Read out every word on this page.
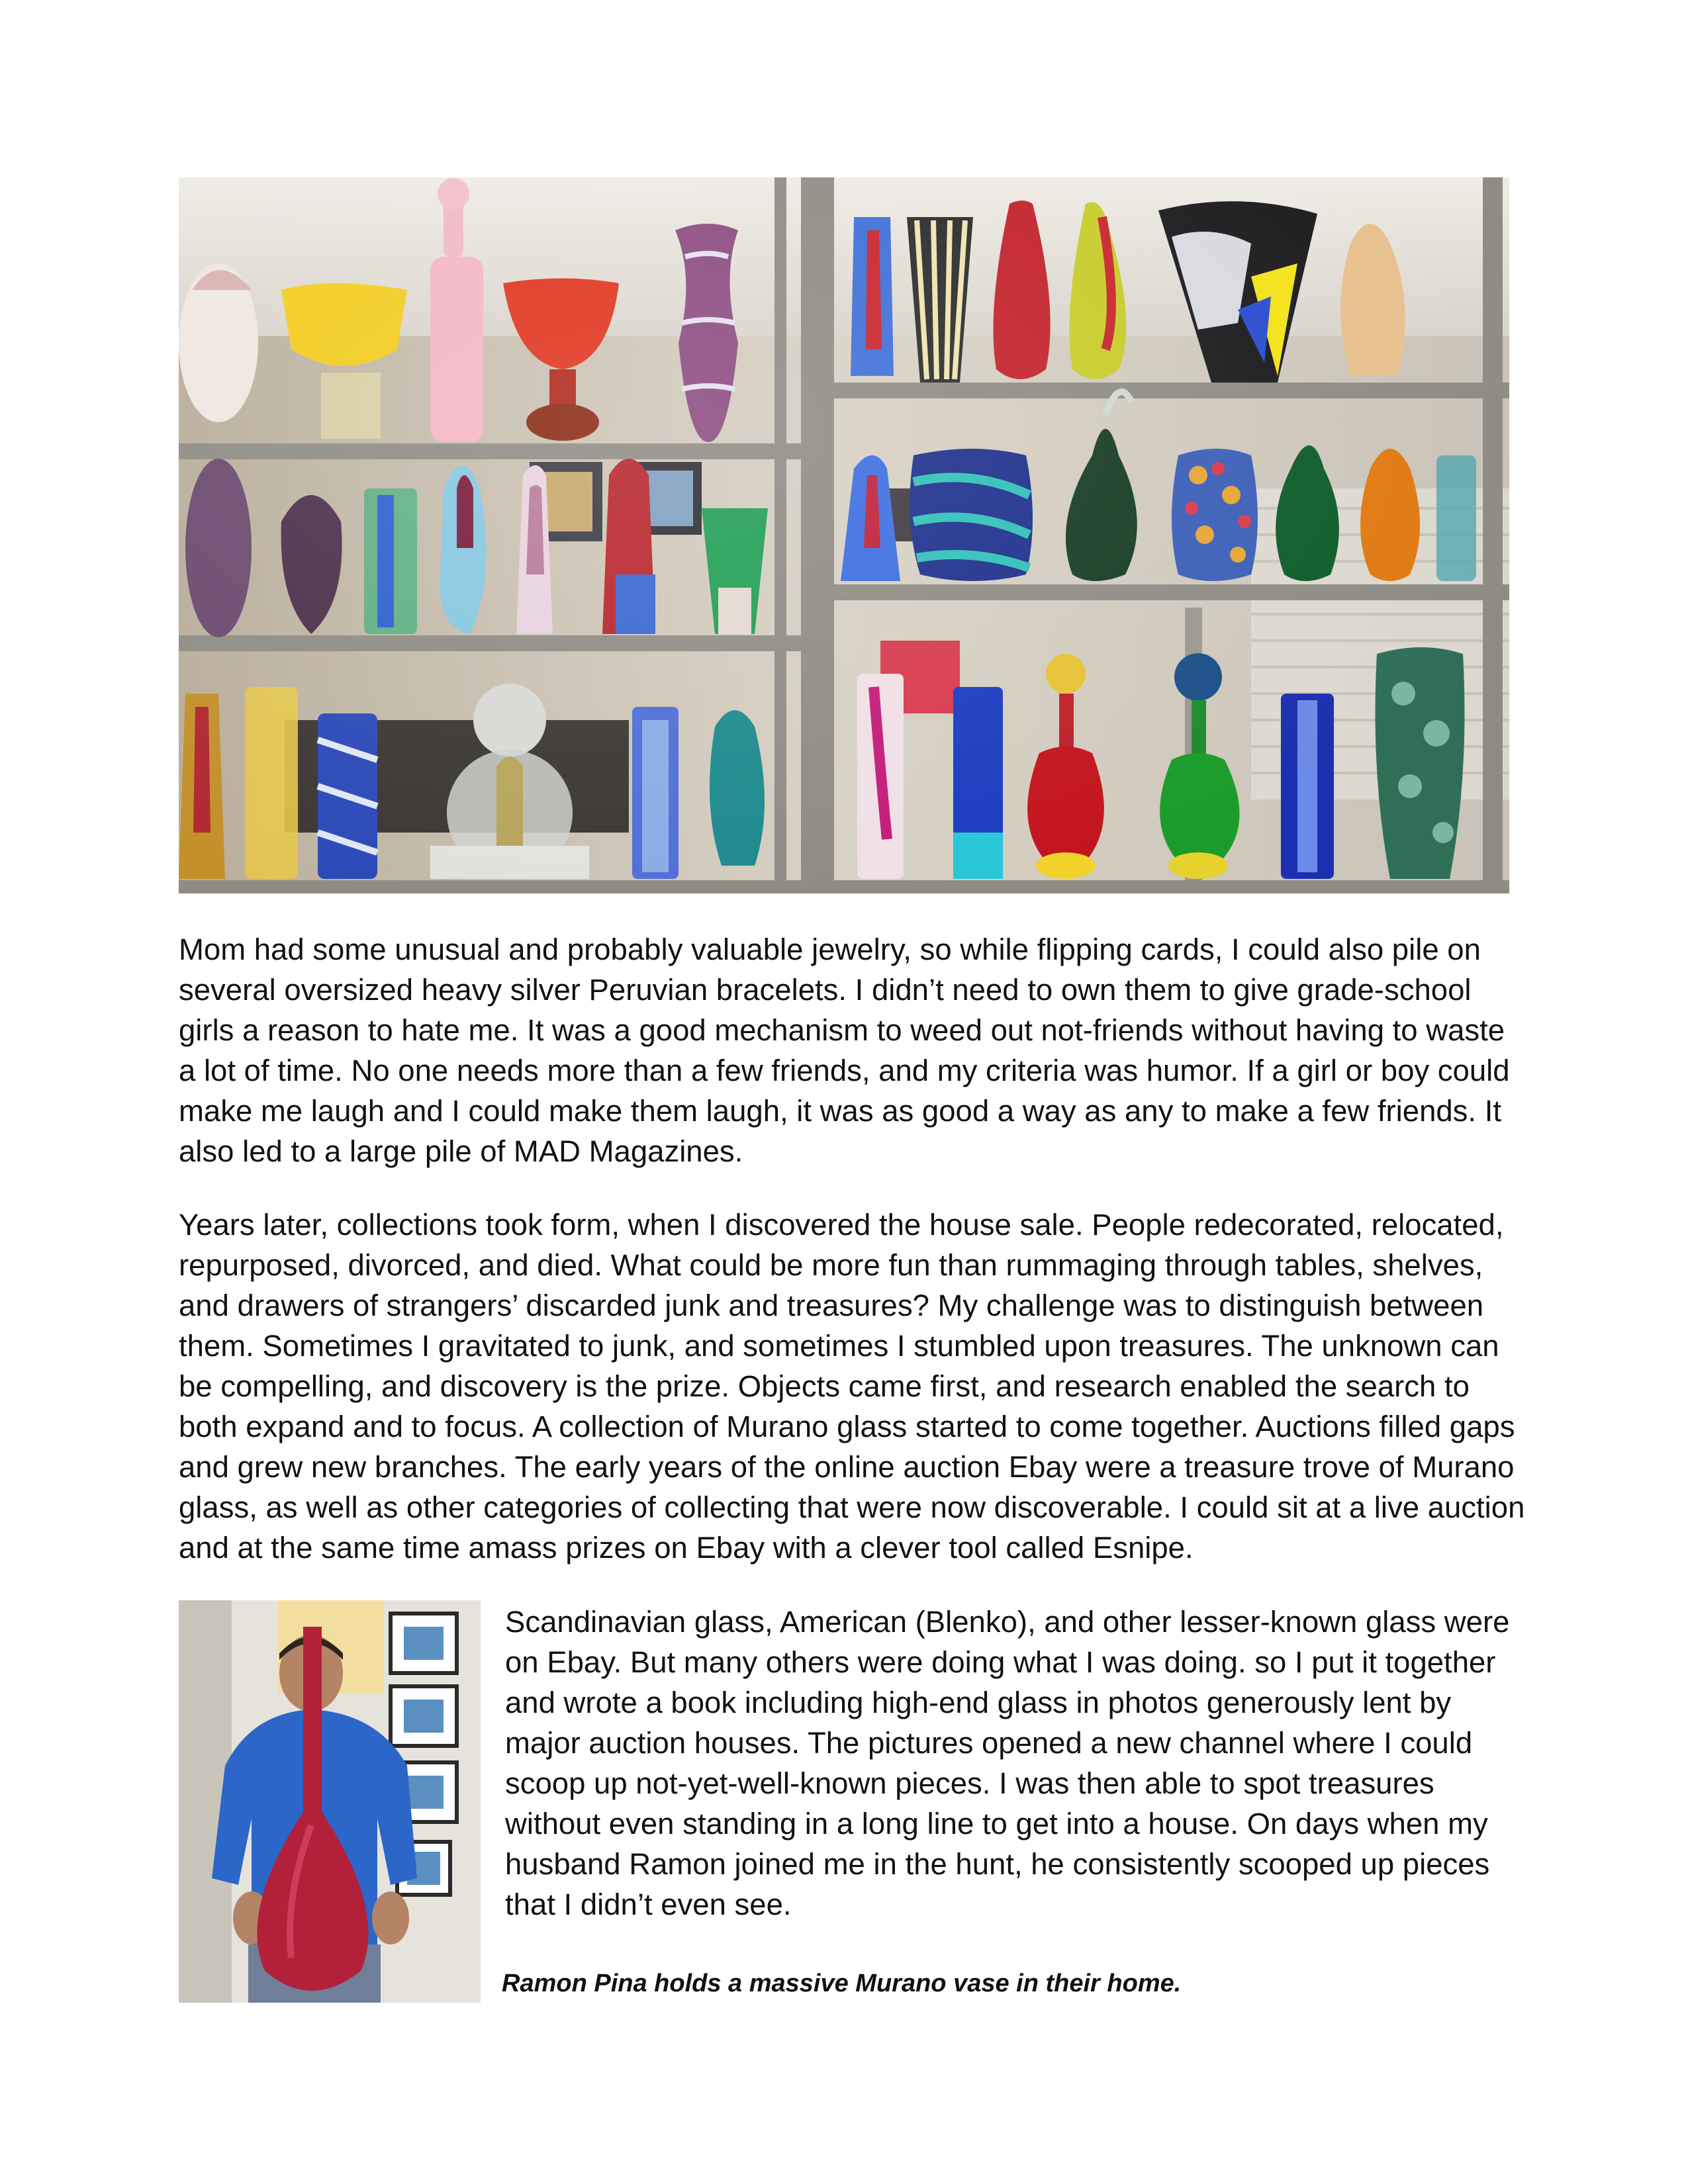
Mom had some unusual and probably valuable jewelry, so while flipping cards, I could also pile on several oversized heavy silver Peruvian bracelets. I didn’t need to own them to give grade-school girls a reason to hate me. It was a good mechanism to weed out not-friends without having to waste a lot of time. No one needs more than a few friends, and my criteria was humor. If a girl or boy could make me laugh and I could make them laugh, it was as good a way as any to make a few friends. It also led to a large pile of MAD Magazines.

Years later, collections took form, when I discovered the house sale. People redecorated, relocated, repurposed, divorced, and died. What could be more fun than rummaging through tables, shelves, and drawers of strangers’ discarded junk and treasures? My challenge was to distinguish between them. Sometimes I gravitated to junk, and sometimes I stumbled upon treasures. The unknown can be compelling, and discovery is the prize. Objects came first, and research enabled the search to both expand and to focus. A collection of Murano glass started to come together. Auctions filled gaps and grew new branches. The early years of the online auction Ebay were a treasure trove of Murano glass, as well as other categories of collecting that were now discoverable. I could sit at a live auction and at the same time amass prizes on Ebay with a clever tool called Esnipe.

Scandinavian glass, American (Blenko), and other lesser-known glass were on Ebay. But many others were doing what I was doing. so I put it together and wrote a book including high-end glass in photos generously lent by major auction houses. The pictures opened a new channel where I could scoop up not-yet-well-known pieces. I was then able to spot treasures without even standing in a long line to get into a house. On days when my husband Ramon joined me in the hunt, he consistently scooped up pieces that I didn’t even see.

Ramon Pina holds a massive Murano vase in their home.
